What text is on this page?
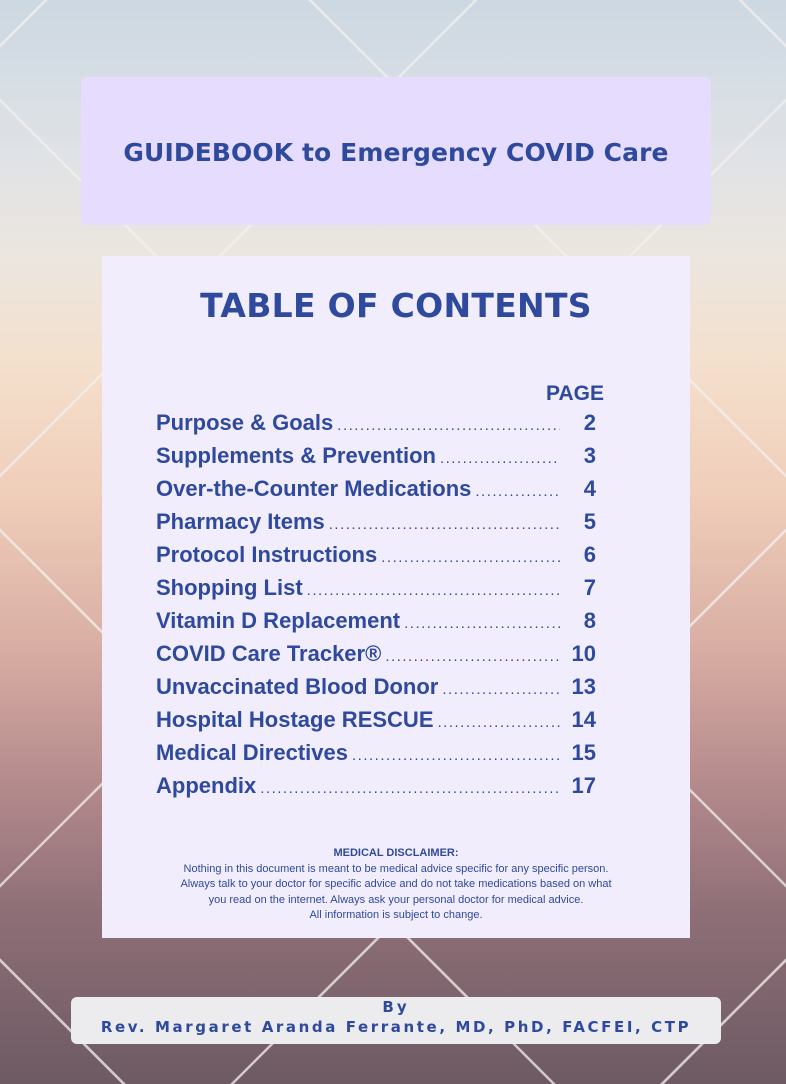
GUIDEBOOK to Emergency COVID Care
TABLE OF CONTENTS
PAGE
Purpose & Goals .....	2
Supplements & Prevention .....	3
Over-the-Counter Medications .....	4
Pharmacy Items .....	5
Protocol Instructions .....	6
Shopping List .....	7
Vitamin D Replacement .....	8
COVID Care Tracker® .....	10
Unvaccinated Blood Donor .....	13
Hospital Hostage RESCUE .....	14
Medical Directives .....	15
Appendix .....	17
MEDICAL DISCLAIMER:
Nothing in this document is meant to be medical advice specific for any specific person.
Always talk to your doctor for specific advice and do not take medications based on what
you read on the internet. Always ask your personal doctor for medical advice.
All information is subject to change.
By
Rev. Margaret Aranda Ferrante, MD, PhD, FACFEI, CTP
